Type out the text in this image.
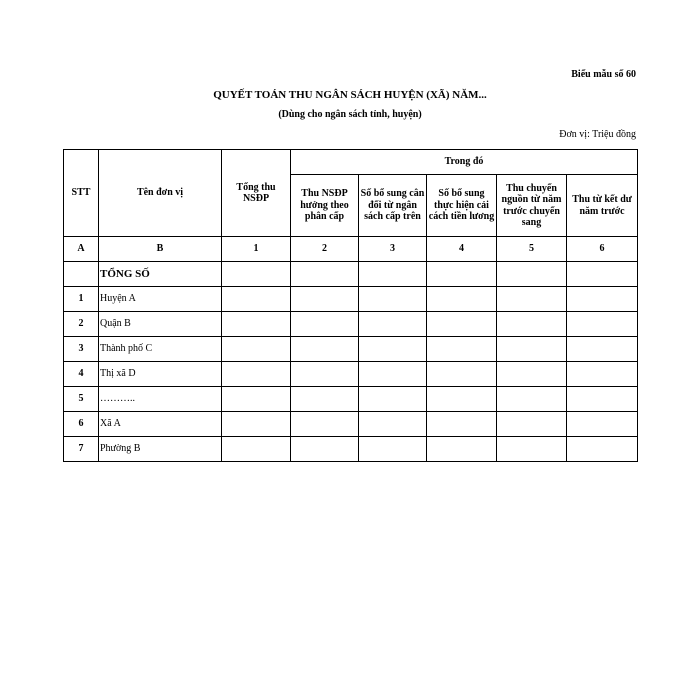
Biểu mẫu số 60
QUYẾT TOÁN THU NGÂN SÁCH HUYỆN (XÃ) NĂM...
(Dùng cho ngân sách tỉnh, huyện)
Đơn vị: Triệu đồng
STT	Tên đơn vị	Tổng thu NSĐP	Trong đó				
			Thu NSĐP hưởng theo phân cấp	Số bổ sung cân đối từ ngân sách cấp trên	Số bổ sung thực hiện cải cách tiền lương	Thu chuyển nguồn từ năm trước chuyển sang	Thu từ kết dư năm trước
A	B	1	2	3	4	5	6
	TỔNG SỐ						
1	Huyện A						
2	Quận B						
3	Thành phố C						
4	Thị xã D						
5	………..						
6	Xã A						
7	Phường B						
